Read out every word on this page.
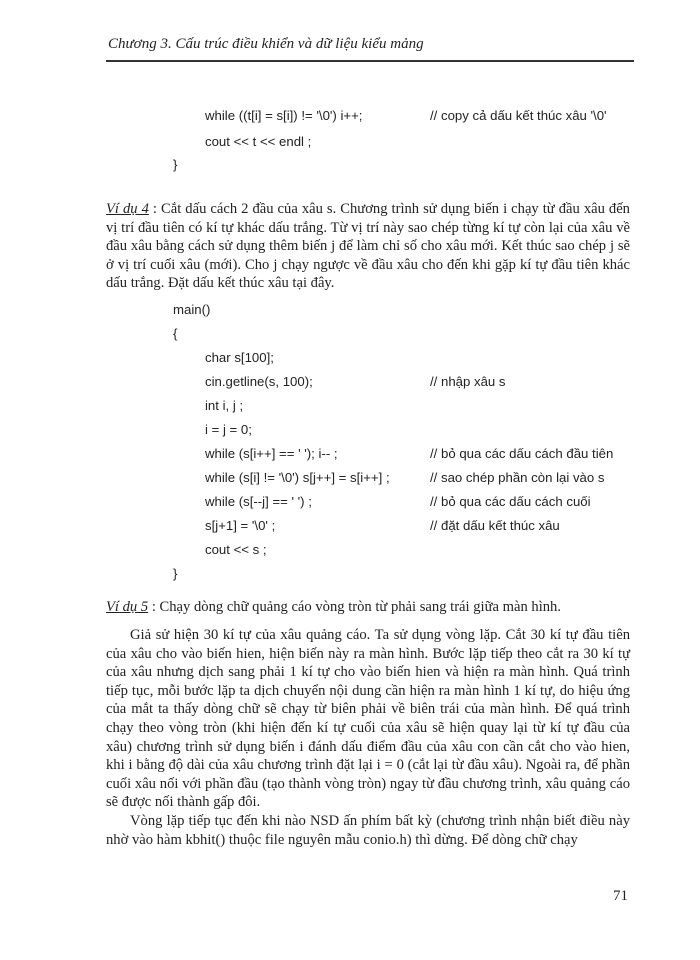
Chương 3. Cấu trúc điều khiển và dữ liệu kiểu mảng
while ((t[i] = s[i]) != '\0') i++;	// copy cả dấu kết thúc xâu '\0'
cout << t << endl ;
}
Ví dụ 4 : Cắt dấu cách 2 đầu của xâu s. Chương trình sử dụng biến i chạy từ đầu xâu đến vị trí đầu tiên có kí tự khác dấu trắng. Từ vị trí này sao chép từng kí tự còn lại của xâu về đầu xâu bằng cách sử dụng thêm biến j để làm chỉ số cho xâu mới. Kết thúc sao chép j sẽ ở vị trí cuối xâu (mới). Cho j chạy ngược về đầu xâu cho đến khi gặp kí tự đầu tiên khác dấu trắng. Đặt dấu kết thúc xâu tại đây.
main()
{
char s[100];
cin.getline(s, 100);	// nhập xâu s
int i, j ;
i = j = 0;
while (s[i++] == ' '); i-- ;	// bỏ qua các dấu cách đầu tiên
while (s[i] != '\0') s[j++] = s[i++] ;	// sao chép phần còn lại vào s
while (s[--j] == ' ') ;	// bỏ qua các dấu cách cuối
s[j+1] = '\0' ;	// đặt dấu kết thúc xâu
cout << s ;
}
Ví dụ 5 : Chạy dòng chữ quảng cáo vòng tròn từ phải sang trái giữa màn hình.
Giả sử hiện 30 kí tự của xâu quảng cáo. Ta sử dụng vòng lặp. Cắt 30 kí tự đầu tiên của xâu cho vào biến hien, hiện biến này ra màn hình. Bước lặp tiếp theo cắt ra 30 kí tự của xâu nhưng dịch sang phải 1 kí tự cho vào biến hien và hiện ra màn hình. Quá trình tiếp tục, mỗi bước lặp ta dịch chuyển nội dung cần hiện ra màn hình 1 kí tự, do hiệu ứng của mắt ta thấy dòng chữ sẽ chạy từ biên phải về biên trái của màn hình. Để quá trình chạy theo vòng tròn (khi hiện đến kí tự cuối của xâu sẽ hiện quay lại từ kí tự đầu của xâu) chương trình sử dụng biến i đánh dấu điểm đầu của xâu con cần cắt cho vào hien, khi i bằng độ dài của xâu chương trình đặt lại i = 0 (cắt lại từ đầu xâu). Ngoài ra, để phần cuối xâu nối với phần đầu (tạo thành vòng tròn) ngay từ đầu chương trình, xâu quảng cáo sẽ được nối thành gấp đôi.
Vòng lặp tiếp tục đến khi nào NSD ấn phím bất kỳ (chương trình nhận biết điều này nhờ vào hàm kbhit() thuộc file nguyên mẫu conio.h) thì dừng. Để dòng chữ chạy
71
